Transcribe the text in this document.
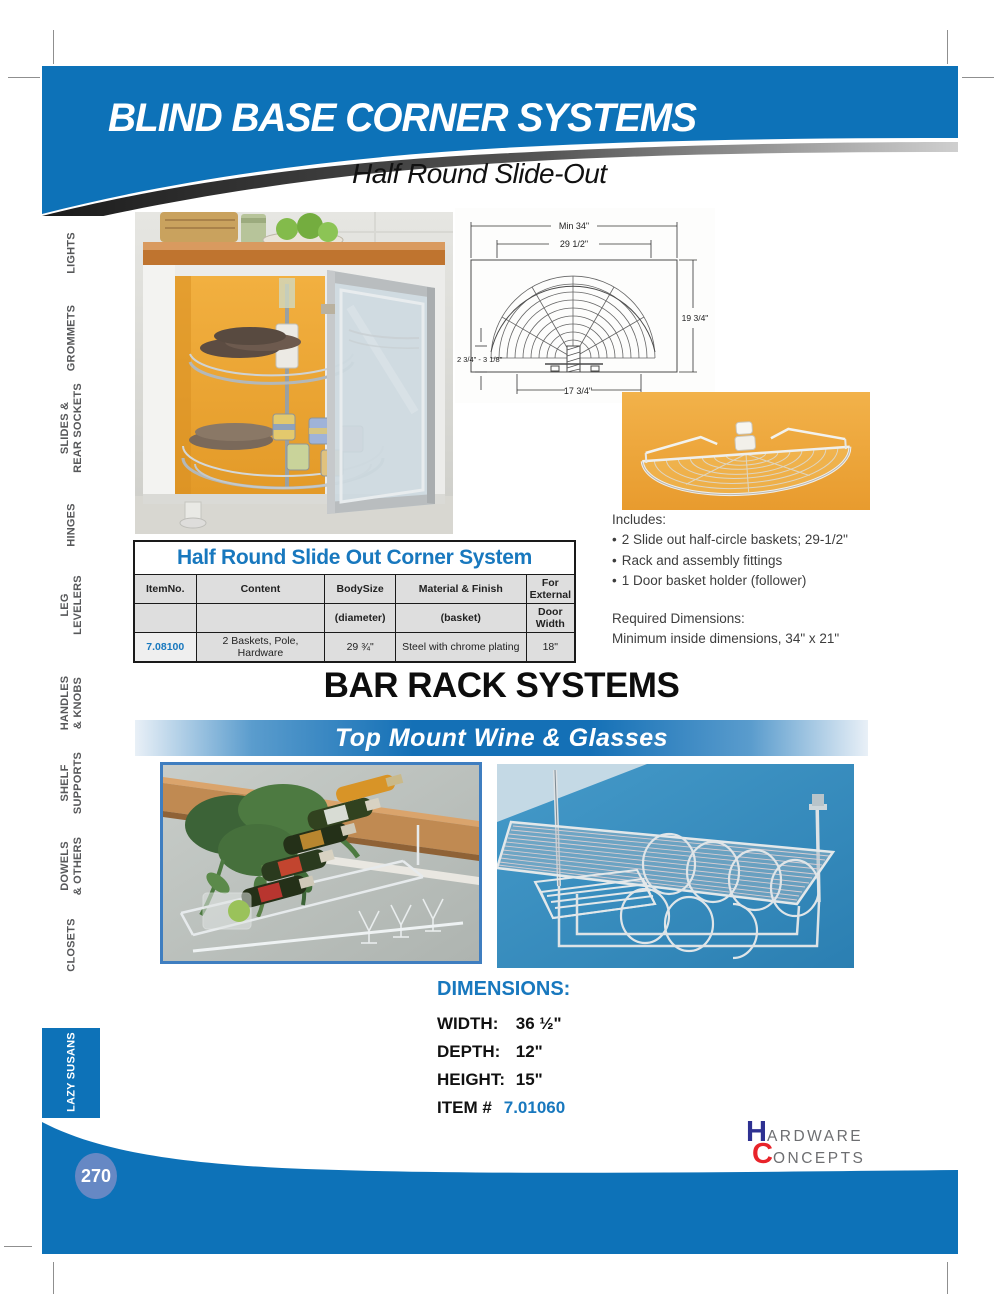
BLIND BASE CORNER SYSTEMS
Half Round Slide-Out
LIGHTS
GROMMETS
SLIDES &
REAR SOCKETS
HINGES
LEG
LEVELERS
HANDLES
& KNOBS
SHELF
SUPPORTS
DOWELS
& OTHERS
CLOSETS
LAZY SUSANS
Min 34"
29 1/2"
19 3/4"
17 3/4"
2 3/4" - 3 1/8"
Includes:
• 2 Slide out half-circle baskets; 29-1/2"
• Rack and assembly fittings
• 1 Door basket holder (follower)
Required Dimensions:
Minimum inside dimensions, 34" x 21"
Half Round Slide Out Corner System				
ItemNo.	Content	BodySize	Material & Finish	For External
		(diameter)	(basket)	Door Width
7.08100	2 Baskets, Pole, Hardware	29 ¾"	Steel with chrome plating	18"
BAR RACK SYSTEMS
Top Mount Wine & Glasses
DIMENSIONS:
WIDTH: 36 ½"
DEPTH: 12"
HEIGHT: 15"
ITEM # 7.01060
HARDWARE
CONCEPTS
270
